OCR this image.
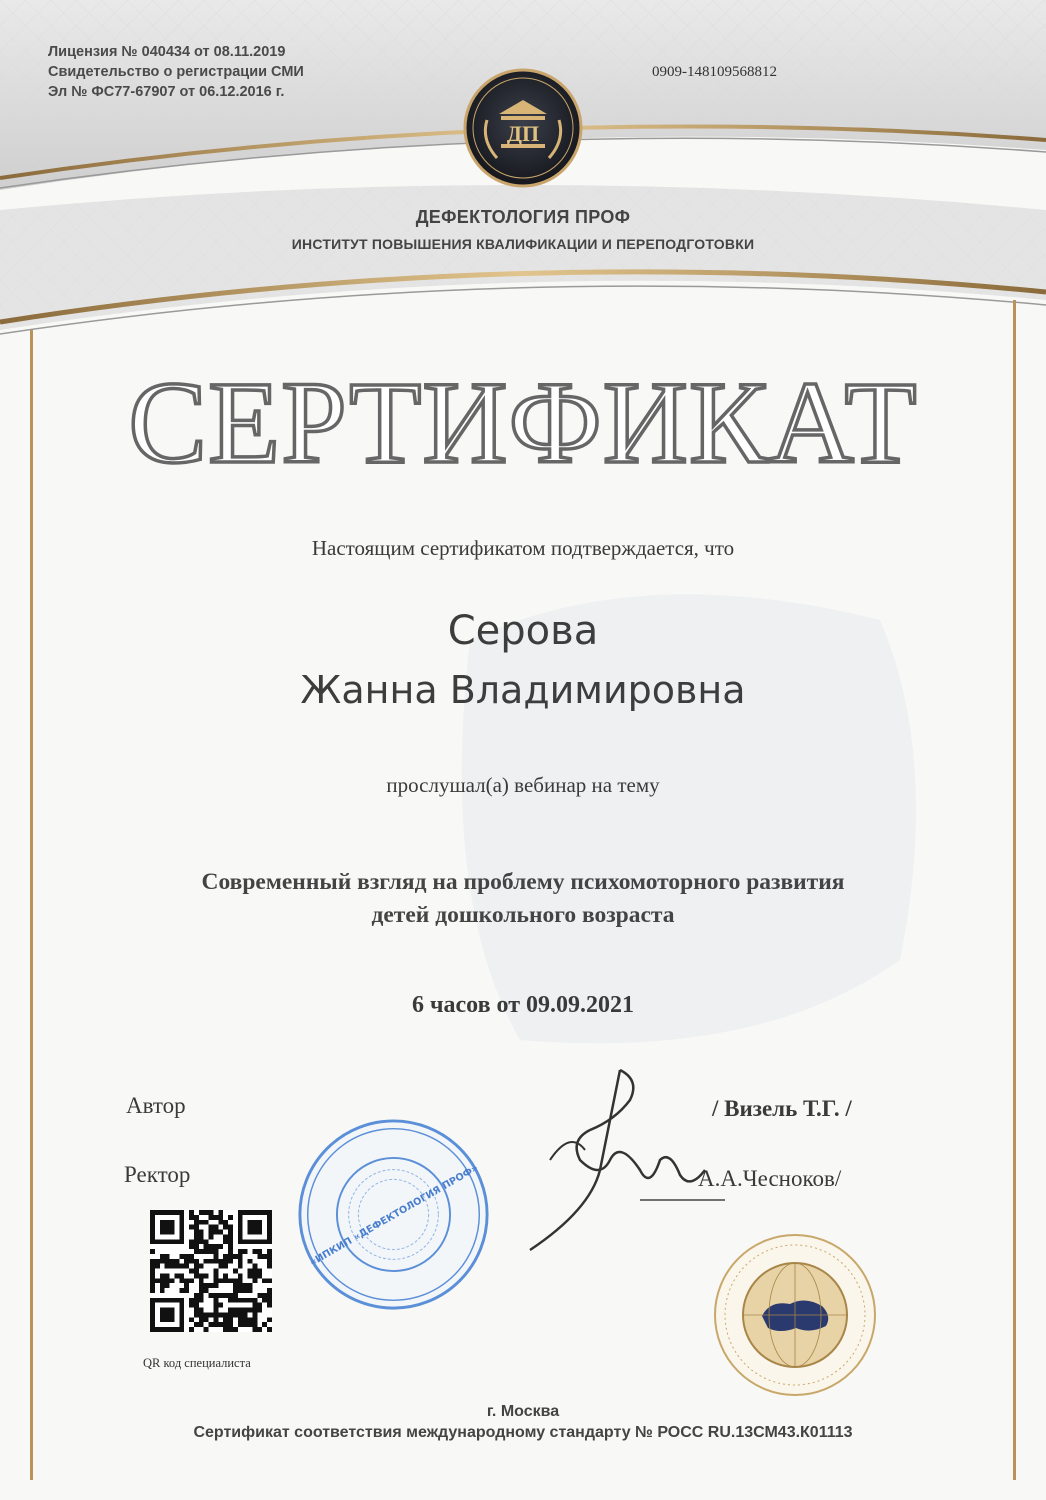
Лицензия № 040434 от 08.11.2019
Свидетельство о регистрации СМИ
Эл № ФС77-67907 от 06.12.2016 г.
0909-148109568812
ДП
ДЕФЕКТОЛОГИЯ ПРОФ
ИНСТИТУТ ПОВЫШЕНИЯ КВАЛИФИКАЦИИ И ПЕРЕПОДГОТОВКИ
СЕРТИФИКАТ
Настоящим сертификатом подтверждается, что
Серова
Жанна Владимировна
прослушал(а) вебинар на тему
Современный взгляд на проблему психомоторного развития
детей дошкольного возраста
6 часов от 09.09.2021
Автор
Ректор
/ Визель Т.Г. /
А.А.Чесноков/
«ИПКИП «ДЕФЕКТОЛОГИЯ ПРОФ»
QR код специалиста
г. Москва
Сертификат соответствия международному стандарту № РОСС RU.13СМ43.К01113
